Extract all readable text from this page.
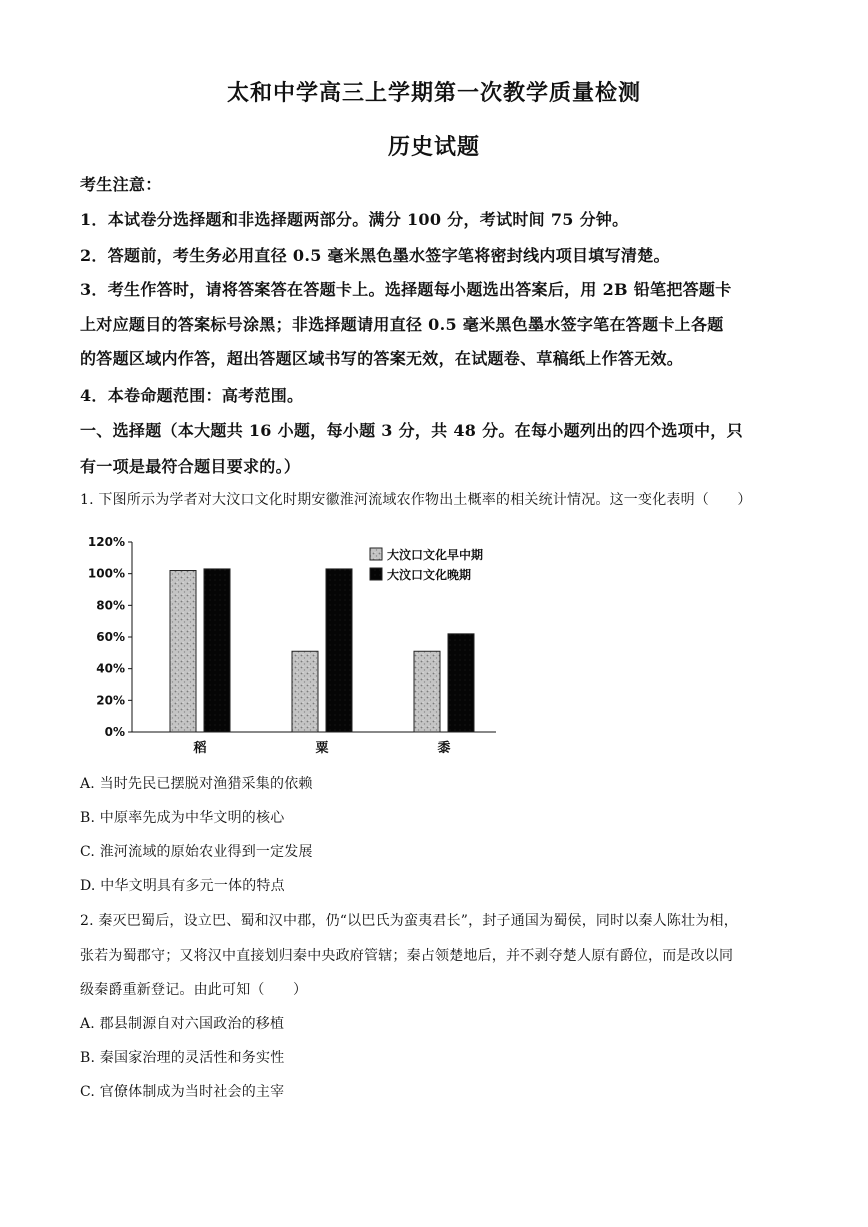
太和中学高三上学期第一次教学质量检测
历史试题
考生注意：
1．本试卷分选择题和非选择题两部分。满分 100 分，考试时间 75 分钟。
2．答题前，考生务必用直径 0.5 毫米黑色墨水签字笔将密封线内项目填写清楚。
3．考生作答时，请将答案答在答题卡上。选择题每小题选出答案后，用 2B 铅笔把答题卡
上对应题目的答案标号涂黑；非选择题请用直径 0.5 毫米黑色墨水签字笔在答题卡上各题
的答题区域内作答，超出答题区域书写的答案无效，在试题卷、草稿纸上作答无效。
4．本卷命题范围：高考范围。
一、选择题（本大题共 16 小题，每小题 3 分，共 48 分。在每小题列出的四个选项中，只
有一项是最符合题目要求的。）
1. 下图所示为学者对大汶口文化时期安徽淮河流域农作物出土概率的相关统计情况。这一变化表明（　　）
0%
20%
40%
60%
80%
100%
120%
稻	粟	黍
大汶口文化早中期
大汶口文化晚期
A. 当时先民已摆脱对渔猎采集的依赖
B. 中原率先成为中华文明的核心
C. 淮河流域的原始农业得到一定发展
D. 中华文明具有多元一体的特点
2. 秦灭巴蜀后，设立巴、蜀和汉中郡，仍“以巴氏为蛮夷君长”，封子通国为蜀侯，同时以秦人陈壮为相，
张若为蜀郡守；又将汉中直接划归秦中央政府管辖；秦占领楚地后，并不剥夺楚人原有爵位，而是改以同
级秦爵重新登记。由此可知（　　）
A. 郡县制源自对六国政治的移植
B. 秦国家治理的灵活性和务实性
C. 官僚体制成为当时社会的主宰
